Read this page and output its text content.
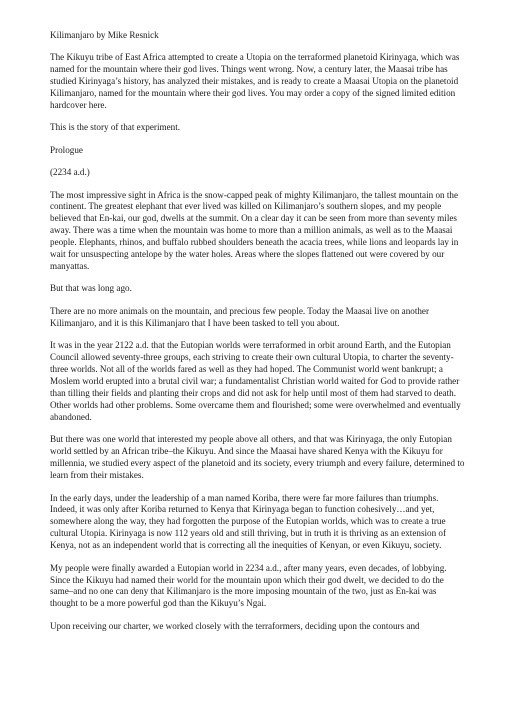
Kilimanjaro by Mike Resnick

The Kikuyu tribe of East Africa attempted to create a Utopia on the terraformed planetoid Kirinyaga, which was named for the mountain where their god lives. Things went wrong. Now, a century later, the Maasai tribe has studied Kirinyaga’s history, has analyzed their mistakes, and is ready to create a Maasai Utopia on the planetoid Kilimanjaro, named for the mountain where their god lives. You may order a copy of the signed limited edition hardcover here.

This is the story of that experiment.

Prologue

(2234 a.d.)

The most impressive sight in Africa is the snow-capped peak of mighty Kilimanjaro, the tallest mountain on the continent. The greatest elephant that ever lived was killed on Kilimanjaro’s southern slopes, and my people believed that En-kai, our god, dwells at the summit. On a clear day it can be seen from more than seventy miles away. There was a time when the mountain was home to more than a million animals, as well as to the Maasai people. Elephants, rhinos, and buffalo rubbed shoulders beneath the acacia trees, while lions and leopards lay in wait for unsuspecting antelope by the water holes. Areas where the slopes flattened out were covered by our manyattas.

But that was long ago.

There are no more animals on the mountain, and precious few people. Today the Maasai live on another Kilimanjaro, and it is this Kilimanjaro that I have been tasked to tell you about.

It was in the year 2122 a.d. that the Eutopian worlds were terraformed in orbit around Earth, and the Eutopian Council allowed seventy-three groups, each striving to create their own cultural Utopia, to charter the seventy-three worlds. Not all of the worlds fared as well as they had hoped. The Communist world went bankrupt; a Moslem world erupted into a brutal civil war; a fundamentalist Christian world waited for God to provide rather than tilling their fields and planting their crops and did not ask for help until most of them had starved to death. Other worlds had other problems. Some overcame them and flourished; some were overwhelmed and eventually abandoned.

But there was one world that interested my people above all others, and that was Kirinyaga, the only Eutopian world settled by an African tribe–the Kikuyu. And since the Maasai have shared Kenya with the Kikuyu for millennia, we studied every aspect of the planetoid and its society, every triumph and every failure, determined to learn from their mistakes.

In the early days, under the leadership of a man named Koriba, there were far more failures than triumphs. Indeed, it was only after Koriba returned to Kenya that Kirinyaga began to function cohesively…and yet, somewhere along the way, they had forgotten the purpose of the Eutopian worlds, which was to create a true cultural Utopia. Kirinyaga is now 112 years old and still thriving, but in truth it is thriving as an extension of Kenya, not as an independent world that is correcting all the inequities of Kenyan, or even Kikuyu, society.

My people were finally awarded a Eutopian world in 2234 a.d., after many years, even decades, of lobbying. Since the Kikuyu had named their world for the mountain upon which their god dwelt, we decided to do the same–and no one can deny that Kilimanjaro is the more imposing mountain of the two, just as En-kai was thought to be a more powerful god than the Kikuyu’s Ngai.

Upon receiving our charter, we worked closely with the terraformers, deciding upon the contours and
